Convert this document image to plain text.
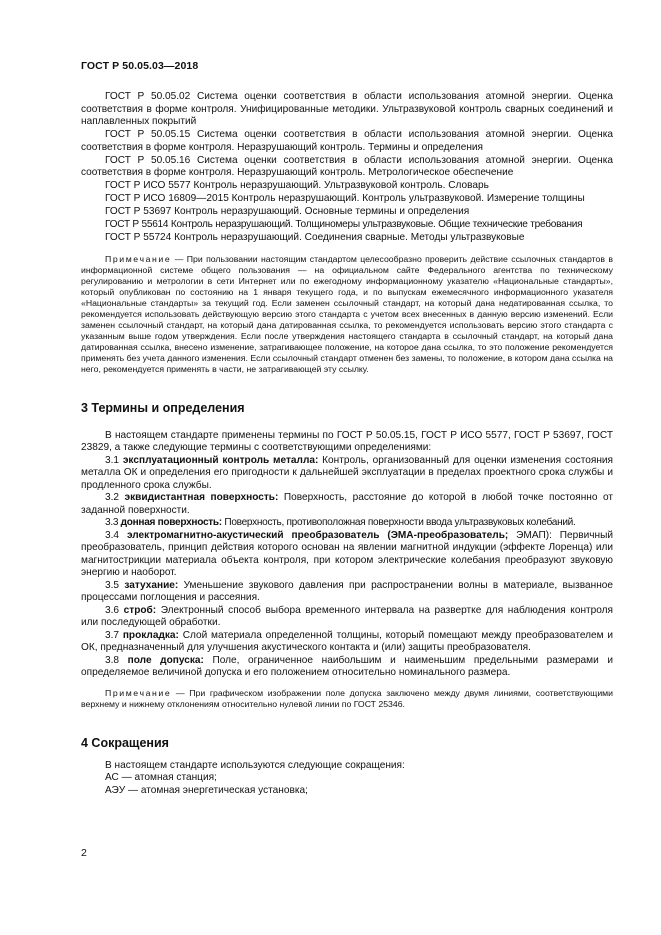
ГОСТ Р 50.05.03—2018

ГОСТ Р 50.05.02 Система оценки соответствия в области использования атомной энергии. Оценка соответствия в форме контроля. Унифицированные методики. Ультразвуковой контроль сварных соединений и наплавленных покрытий

ГОСТ Р 50.05.15 Система оценки соответствия в области использования атомной энергии. Оценка соответствия в форме контроля. Неразрушающий контроль. Термины и определения

ГОСТ Р 50.05.16 Система оценки соответствия в области использования атомной энергии. Оценка соответствия в форме контроля. Неразрушающий контроль. Метрологическое обеспечение

ГОСТ Р ИСО 5577 Контроль неразрушающий. Ультразвуковой контроль. Словарь

ГОСТ Р ИСО 16809—2015 Контроль неразрушающий. Контроль ультразвуковой. Измерение толщины

ГОСТ Р 53697 Контроль неразрушающий. Основные термины и определения

ГОСТ Р 55614 Контроль неразрушающий. Толщиномеры ультразвуковые. Общие технические требования

ГОСТ Р 55724 Контроль неразрушающий. Соединения сварные. Методы ультразвуковые

Примечание — При пользовании настоящим стандартом целесообразно проверить действие ссылочных стандартов в информационной системе общего пользования — на официальном сайте Федерального агентства по техническому регулированию и метрологии в сети Интернет или по ежегодному информационному указателю «Национальные стандарты», который опубликован по состоянию на 1 января текущего года, и по выпускам ежемесячного информационного указателя «Национальные стандарты» за текущий год. Если заменен ссылочный стандарт, на который дана недатированная ссылка, то рекомендуется использовать действующую версию этого стандарта с учетом всех внесенных в данную версию изменений. Если заменен ссылочный стандарт, на который дана датированная ссылка, то рекомендуется использовать версию этого стандарта с указанным выше годом утверждения. Если после утверждения настоящего стандарта в ссылочный стандарт, на который дана датированная ссылка, внесено изменение, затрагивающее положение, на которое дана ссылка, то это положение рекомендуется применять без учета данного изменения. Если ссылочный стандарт отменен без замены, то положение, в котором дана ссылка на него, рекомендуется применять в части, не затрагивающей эту ссылку.

3 Термины и определения

В настоящем стандарте применены термины по ГОСТ Р 50.05.15, ГОСТ Р ИСО 5577, ГОСТ Р 53697, ГОСТ 23829, а также следующие термины с соответствующими определениями:

3.1 эксплуатационный контроль металла: Контроль, организованный для оценки изменения состояния металла ОК и определения его пригодности к дальнейшей эксплуатации в пределах проектного срока службы и продленного срока службы.

3.2 эквидистантная поверхность: Поверхность, расстояние до которой в любой точке постоянно от заданной поверхности.

3.3 донная поверхность: Поверхность, противоположная поверхности ввода ультразвуковых колебаний.

3.4 электромагнитно-акустический преобразователь (ЭМА-преобразователь; ЭМАП): Первичный преобразователь, принцип действия которого основан на явлении магнитной индукции (эффекте Лоренца) или магнитострикции материала объекта контроля, при котором электрические колебания преобразуют звуковую энергию и наоборот.

3.5 затухание: Уменьшение звукового давления при распространении волны в материале, вызванное процессами поглощения и рассеяния.

3.6 строб: Электронный способ выбора временного интервала на развертке для наблюдения контроля или последующей обработки.

3.7 прокладка: Слой материала определенной толщины, который помещают между преобразователем и ОК, предназначенный для улучшения акустического контакта и (или) защиты преобразователя.

3.8 поле допуска: Поле, ограниченное наибольшим и наименьшим предельными размерами и определяемое величиной допуска и его положением относительно номинального размера.

Примечание — При графическом изображении поле допуска заключено между двумя линиями, соответствующими верхнему и нижнему отклонениям относительно нулевой линии по ГОСТ 25346.

4 Сокращения

В настоящем стандарте используются следующие сокращения:

АС — атомная станция;

АЭУ — атомная энергетическая установка;

2
